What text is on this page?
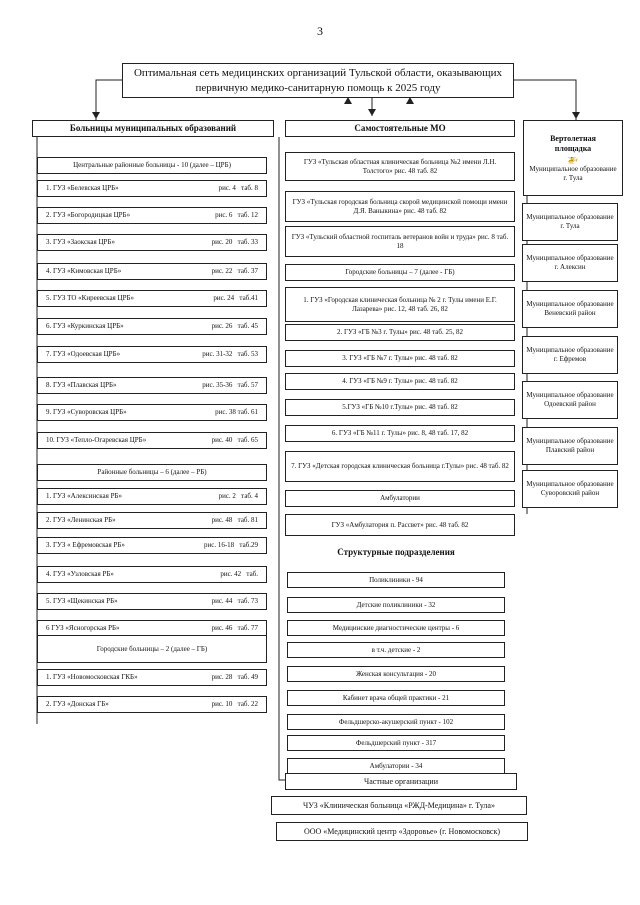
3
Оптимальная сеть медицинских организаций Тульской области, оказывающих
первичную медико-санитарную помощь к 2025 году
Больницы муниципальных образований
Центральные районные больницы - 10 (далее – ЦРБ)
1. ГУЗ «Белевская ЦРБ»	рис. 4   таб. 8
2. ГУЗ «Богородицкая ЦРБ»	рис. 6   таб. 12
3. ГУЗ «Заокская ЦРБ»	рис. 20   таб. 33
4. ГУЗ «Кимовская ЦРБ»	рис. 22   таб. 37
5. ГУЗ ТО «Киреевская ЦРБ»	рис. 24   таб.41
6. ГУЗ «Куркинская ЦРБ»	рис. 26   таб. 45
7. ГУЗ «Одоевская ЦРБ»	рис. 31-32   таб. 53
8. ГУЗ «Плавская ЦРБ»	рис. 35-36   таб. 57
9. ГУЗ «Суворовская ЦРБ»	рис. 38 таб. 61
10. ГУЗ «Тепло-Огаревская ЦРБ»	рис. 40   таб. 65
Районные больницы – 6 (далее – РБ)
1. ГУЗ «Алексинская РБ»	рис. 2   таб. 4
2. ГУЗ «Ленинская РБ»	рис. 48   таб. 81
3. ГУЗ « Ефремовская РБ»	рис. 16-18   таб.29
4. ГУЗ «Узловская РБ»	рис. 42   таб.
5. ГУЗ «Щекинская РБ»	рис. 44   таб. 73
6 ГУЗ «Ясногорская РБ»	рис. 46   таб. 77
Городские больницы – 2 (далее – ГБ)
1. ГУЗ «Новомосковская ГКБ»	рис. 28   таб. 49
2. ГУЗ «Донская ГБ»	рис. 10   таб. 22
Самостоятельные МО
ГУЗ «Тульская областная клиническая больница №2 имени Л.Н. Толстого» рис. 48 таб. 82
ГУЗ «Тульская городская больница скорой медицинской помощи имени Д.Я. Ваныкина» рис. 48 таб. 82
ГУЗ «Тульский областной госпиталь ветеранов войн и труда» рис. 8 таб. 18
Городские больницы – 7 (далее - ГБ)
1. ГУЗ «Городская клиническая больница № 2 г. Тулы имени Е.Г. Лазарева» рис. 12, 48 таб. 26, 82
2. ГУЗ «ГБ №3 г. Тулы» рис. 48 таб. 25, 82
3. ГУЗ «ГБ №7 г. Тулы» рис. 48 таб. 82
4. ГУЗ «ГБ №9 г. Тулы» рис. 48 таб. 82
5.ГУЗ «ГБ №10 г.Тулы» рис. 48 таб. 82
6. ГУЗ «ГБ №11 г. Тулы» рис. 8, 48 таб. 17, 82
7. ГУЗ «Детская городская клиническая больница г.Тулы» рис. 48 таб. 82
Амбулатории
ГУЗ «Амбулатория п. Рассвет» рис. 48 таб. 82
Структурные подразделения
Поликлиники - 94
Детские поликлиники - 32
Медицинские диагностические центры - 6
в т.ч. детские - 2
Женская консультация - 20
Кабинет врача общей практики - 21
Фельдшерско-акушерский пункт - 102
Фельдшерский пункт - 317
Амбулатории - 34
Частные организации
ЧУЗ «Клиническая больница «РЖД-Медицина» г. Тула»
ООО «Медицинский центр «Здоровье» (г. Новомосковск)
Вертолетная
площадка
🚁
Муниципальное образование г. Тула
Муниципальное образование г. Тула
Муниципальное образование г. Алексин
Муниципальное образование Веневский район
Муниципальное образование г. Ефремов
Муниципальное образование Одоевский район
Муниципальное образование Плавский район
Муниципальное образование Суворовский район
